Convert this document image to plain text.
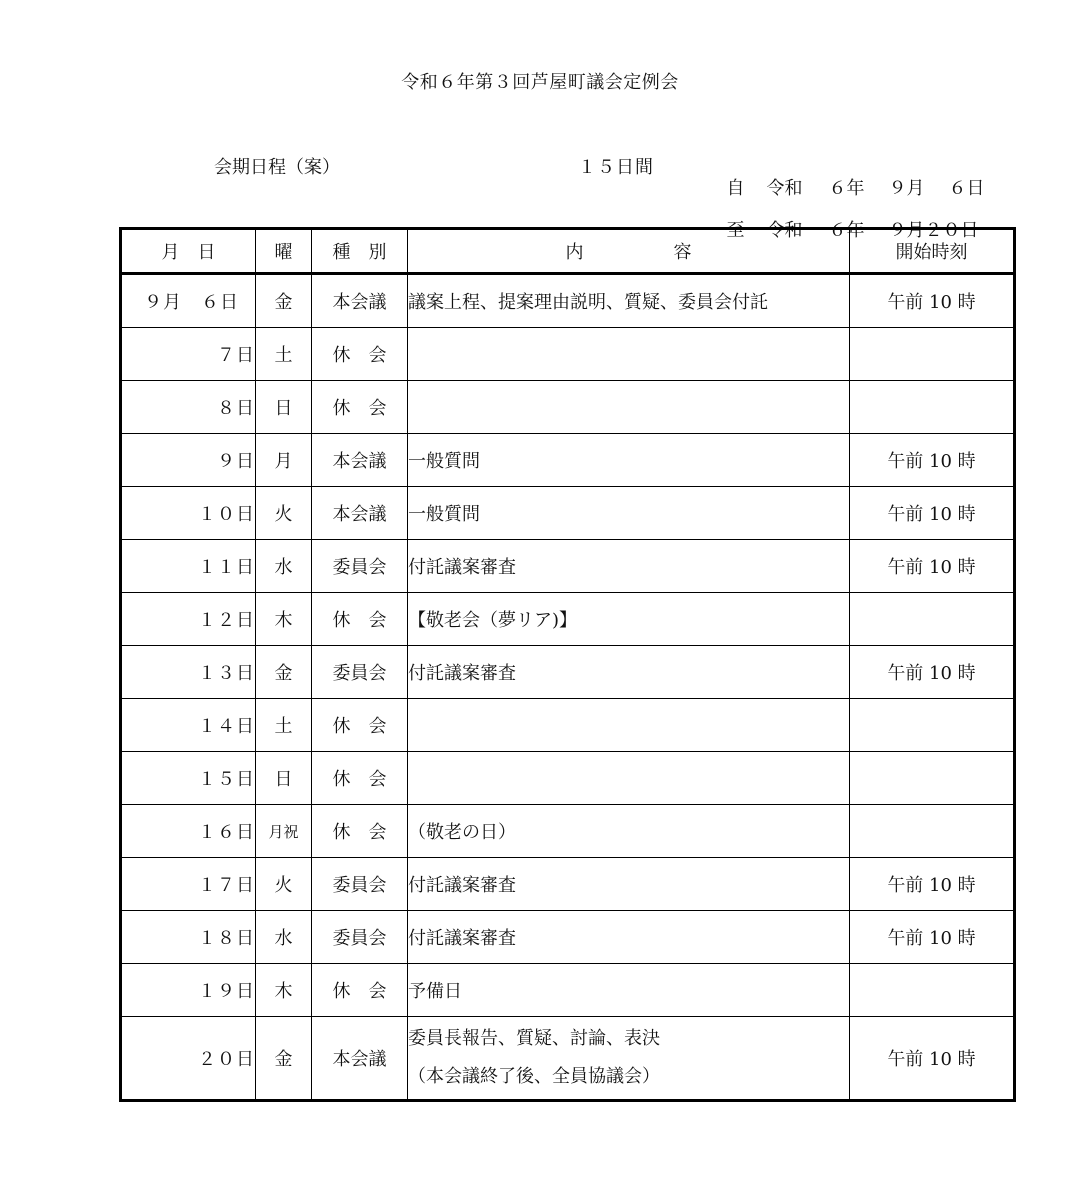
令和６年第３回芦屋町議会定例会
会期日程（案）	１５日間

自 令和 ６年 ９月 ６日

至 令和 ６年 ９月２０日

月　日	曜	種　別	内　　　　　容	開始時刻
９月　６日	金	本会議	議案上程、提案理由説明、質疑、委員会付託	午前 10 時
７日	土	休　会		
８日	日	休　会		
９日	月	本会議	一般質問	午前 10 時
１０日	火	本会議	一般質問	午前 10 時
１１日	水	委員会	付託議案審査	午前 10 時
１２日	木	休　会	【敬老会（夢リア)】	
１３日	金	委員会	付託議案審査	午前 10 時
１４日	土	休　会		
１５日	日	休　会		
１６日	月祝	休　会	（敬老の日）	
１７日	火	委員会	付託議案審査	午前 10 時
１８日	水	委員会	付託議案審査	午前 10 時
１９日	木	休　会	予備日	
２０日	金	本会議	委員長報告、質疑、討論、表決
（本会議終了後、全員協議会）	午前 10 時
